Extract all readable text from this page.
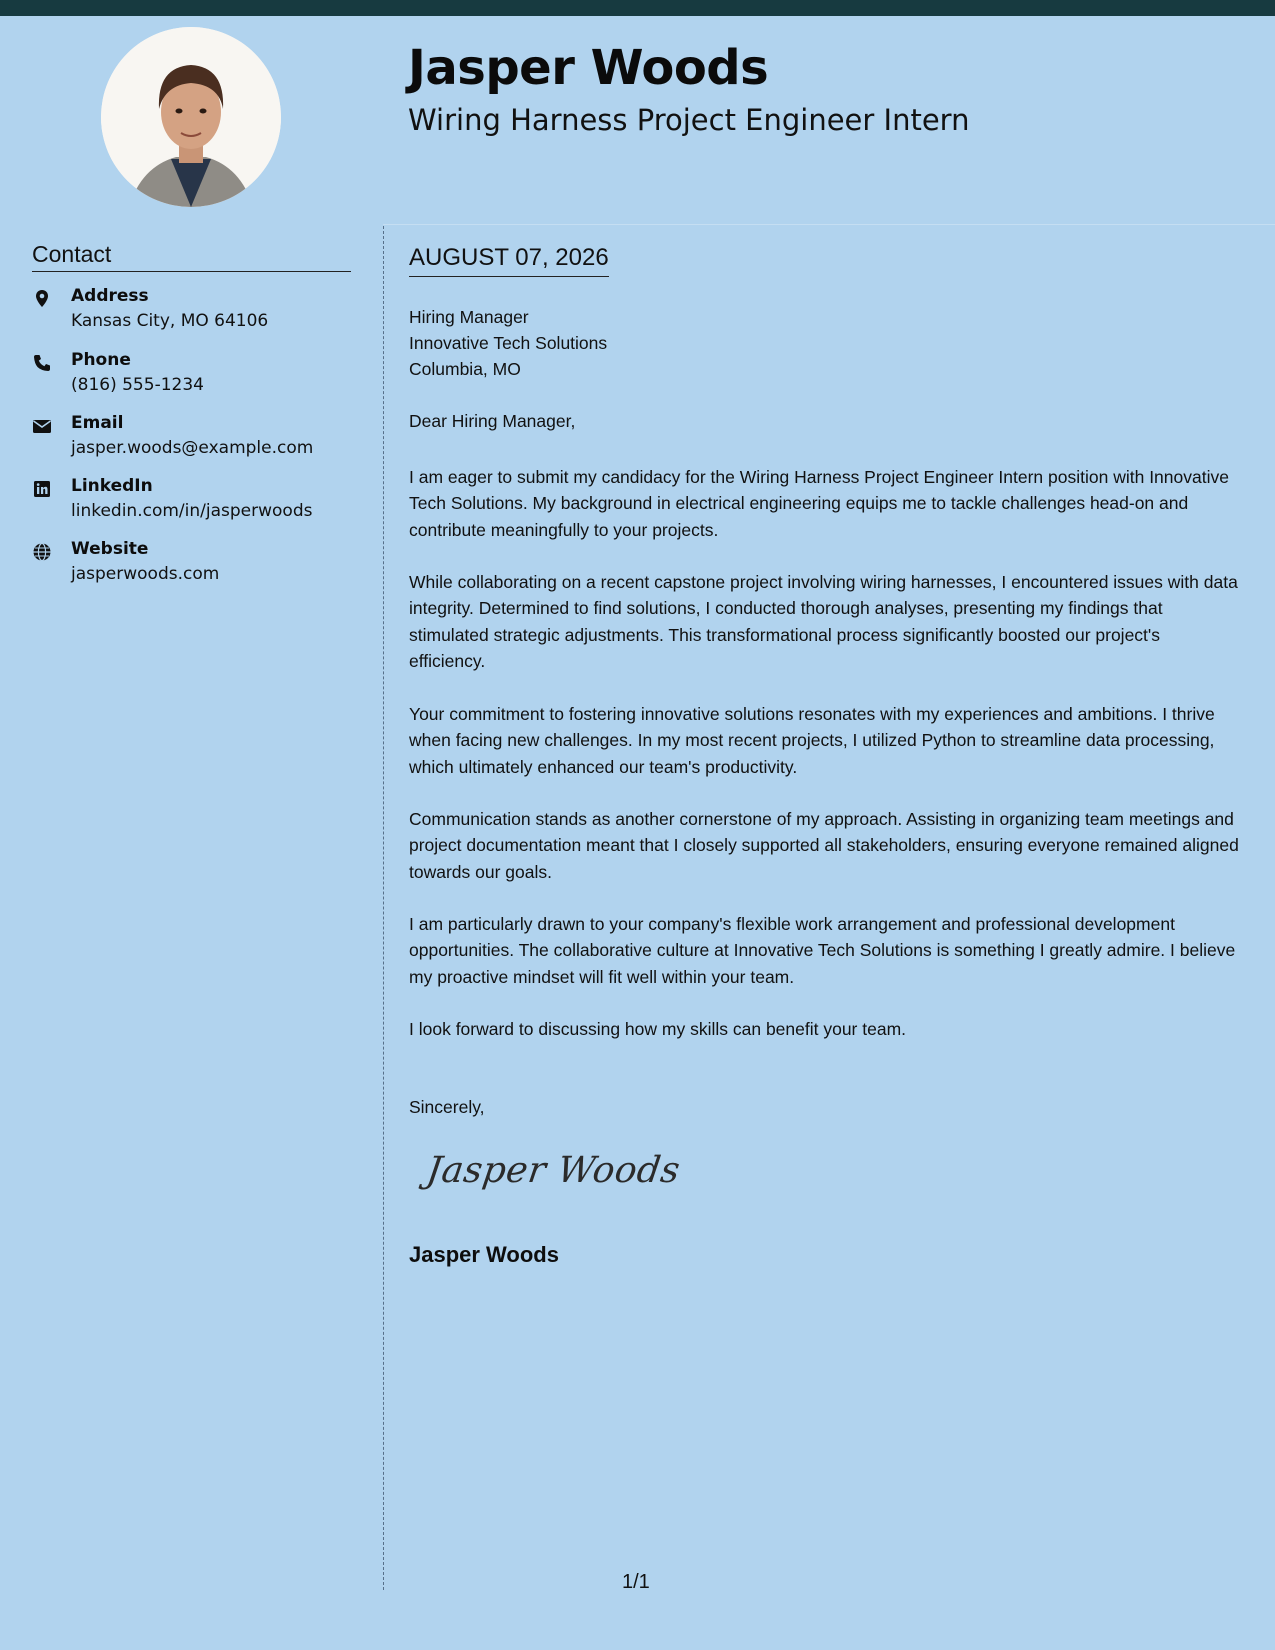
Jasper Woods
Wiring Harness Project Engineer Intern
Contact
Address
Kansas City, MO 64106
Phone
(816) 555-1234
Email
jasper.woods@example.com
LinkedIn
linkedin.com/in/jasperwoods
Website
jasperwoods.com
AUGUST 07, 2026
Hiring Manager
Innovative Tech Solutions
Columbia, MO
Dear Hiring Manager,
I am eager to submit my candidacy for the Wiring Harness Project Engineer Intern position with Innovative Tech Solutions. My background in electrical engineering equips me to tackle challenges head-on and contribute meaningfully to your projects.
While collaborating on a recent capstone project involving wiring harnesses, I encountered issues with data integrity. Determined to find solutions, I conducted thorough analyses, presenting my findings that stimulated strategic adjustments. This transformational process significantly boosted our project's efficiency.
Your commitment to fostering innovative solutions resonates with my experiences and ambitions. I thrive when facing new challenges. In my most recent projects, I utilized Python to streamline data processing, which ultimately enhanced our team's productivity.
Communication stands as another cornerstone of my approach. Assisting in organizing team meetings and project documentation meant that I closely supported all stakeholders, ensuring everyone remained aligned towards our goals.
I am particularly drawn to your company's flexible work arrangement and professional development opportunities. The collaborative culture at Innovative Tech Solutions is something I greatly admire. I believe my proactive mindset will fit well within your team.
I look forward to discussing how my skills can benefit your team.
Sincerely,
Jasper Woods
Jasper Woods
1/1
